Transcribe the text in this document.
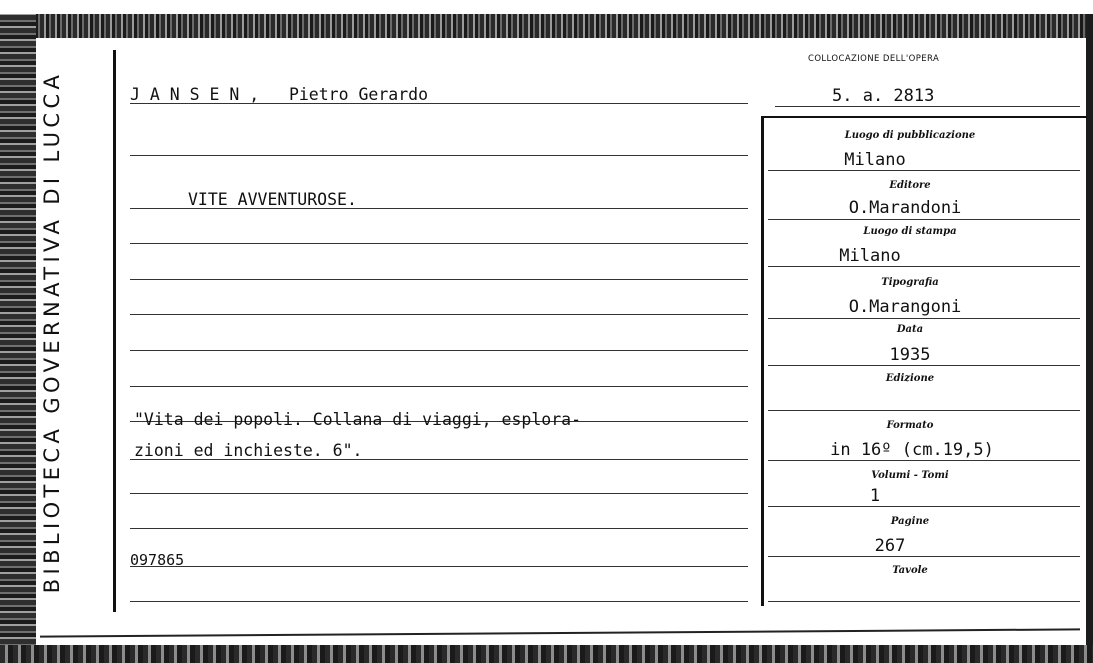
BIBLIOTECA GOVERNATIVA DI LUCCA	J A N S E N ,   Pietro Gerardo
VITE AVVENTUROSE.
"Vita dei popoli. Collana di viaggi, esplora-
zioni ed inchieste. 6".
097865
COLLOCAZIONE DELL'OPERA
5. a. 2813
Luogo di pubblicazione
Milano
Editore
O.Marandoni
Luogo di stampa
Milano
Tipografia
O.Marangoni
Data
1935
Edizione
Formato
in 16º (cm.19,5)
Volumi - Tomi
1
Pagine
267
Tavole
